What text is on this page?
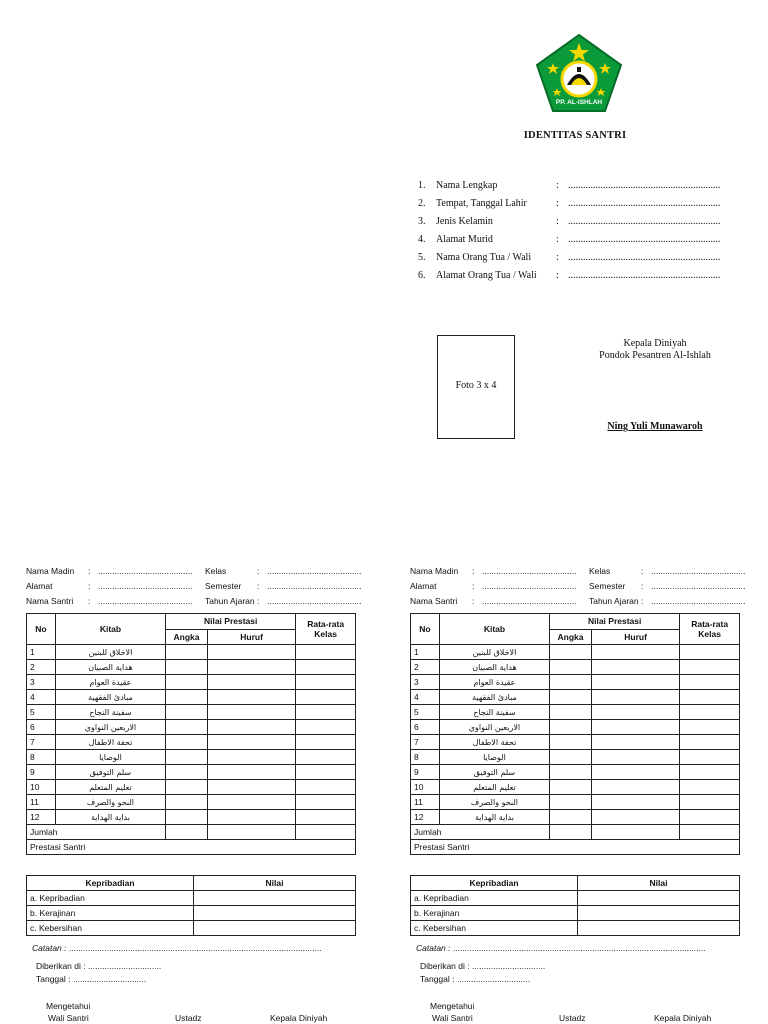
PP. AL-ISHLAH
IDENTITAS SANTRI
1. Nama Lengkap	: .............................................................
2. Tempat, Tanggal Lahir	: .............................................................
3. Jenis Kelamin	: .............................................................
4. Alamat Murid	: .............................................................
5. Nama Orang Tua / Wali : .............................................................
6. Alamat Orang Tua / Wali : .............................................................
Foto 3 x 4
Kepala Diniyah
Pondok Pesantren Al-Ishlah
Ning Yuli Munawaroh
Nama Madin : ........................................
Alamat	: ........................................
Nama Santri : ........................................
Kelas	: ........................................
Semester : ........................................
Tahun Ajaran : ........................................
No	Kitab	Nilai Prestasi		Rata-rata
Kelas

		Angka	Huruf	
1	الاخلاق للبنين			
2	هداية الصبيان			
3	عقيدة العوام			
4	مبادئ الفقهية			
5	سفينة النجاح			
6	الاربعين النواوي			
7	تحفة الاطفال			
8	الوصايا			
9	سلم التوفيق			
10	تعليم المتعلم			
11	النحو والصرف			
12	بداية الهداية			
Jumlah				
Prestasi Santri				
Kepribadian	Nilai
a. Kepribadian	
b. Kerajinan	
c. Kebersihan	
Catatan : ...........................................................................................................
Diberikan di : ...............................
Tanggal : ...............................
Mengetahui
Wali Santri	Ustadz	Kepala Diniyah
Nama Madin : ........................................
Alamat	: ........................................
Nama Santri : ........................................
Kelas	: ........................................
Semester : ........................................
Tahun Ajaran : ........................................
No	Kitab	Nilai Prestasi		Rata-rata
Kelas

		Angka	Huruf	
1	الاخلاق للبنين			
2	هداية الصبيان			
3	عقيدة العوام			
4	مبادئ الفقهية			
5	سفينة النجاح			
6	الاربعين النواوي			
7	تحفة الاطفال			
8	الوصايا			
9	سلم التوفيق			
10	تعليم المتعلم			
11	النحو والصرف			
12	بداية الهداية			
Jumlah				
Prestasi Santri				
Kepribadian	Nilai
a. Kepribadian	
b. Kerajinan	
c. Kebersihan	
Catatan : ...........................................................................................................
Diberikan di : ...............................
Tanggal : ...............................
Mengetahui
Wali Santri	Ustadz	Kepala Diniyah
